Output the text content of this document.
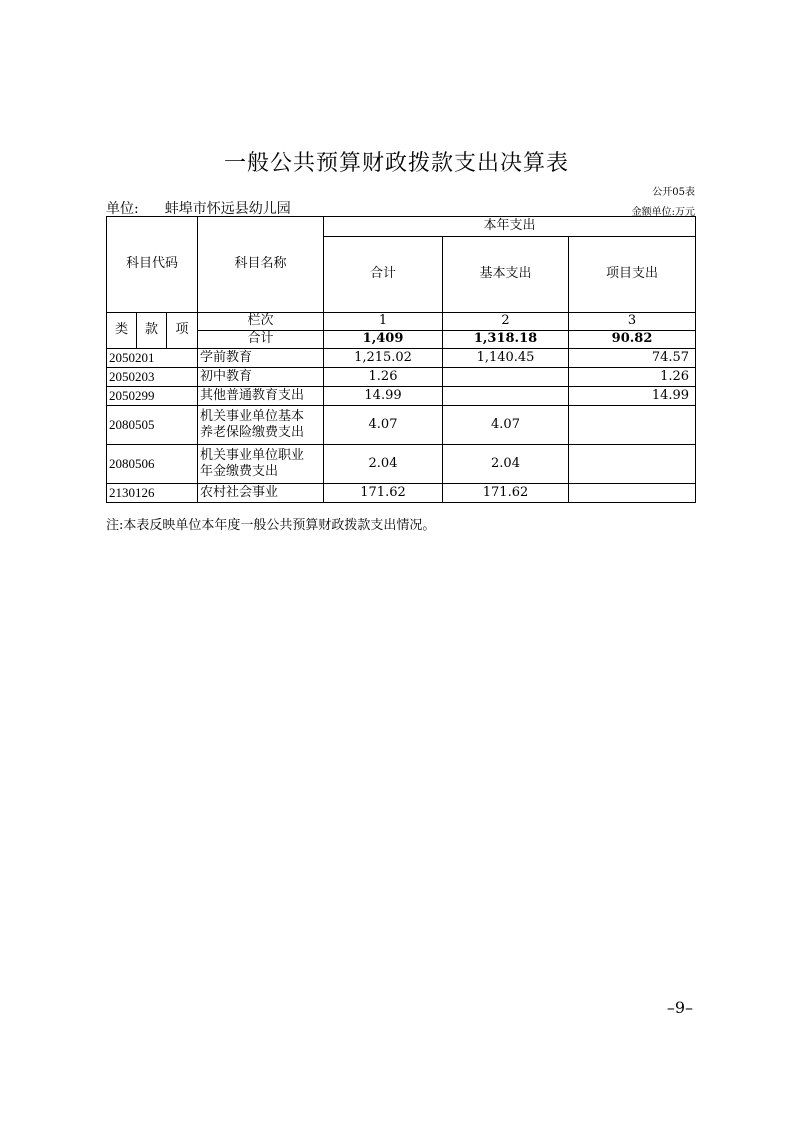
一般公共预算财政拨款支出决算表
公开05表
单位: 蚌埠市怀远县幼儿园	金额单位:万元
科目代码			科目名称	本年支出		
				合计	基本支出	项目支出
类	款	项	栏次	1	2	3
			合计	1,409	1,318.18	90.82
2050201			学前教育	1,215.02	1,140.45	74.57
2050203			初中教育	1.26		1.26
2050299			其他普通教育支出	14.99		14.99
2080505			机关事业单位基本
养老保险缴费支出	4.07	4.07	
2080506			机关事业单位职业
年金缴费支出	2.04	2.04	
2130126			农村社会事业	171.62	171.62	
注:本表反映单位本年度一般公共预算财政拨款支出情况。
–9–
